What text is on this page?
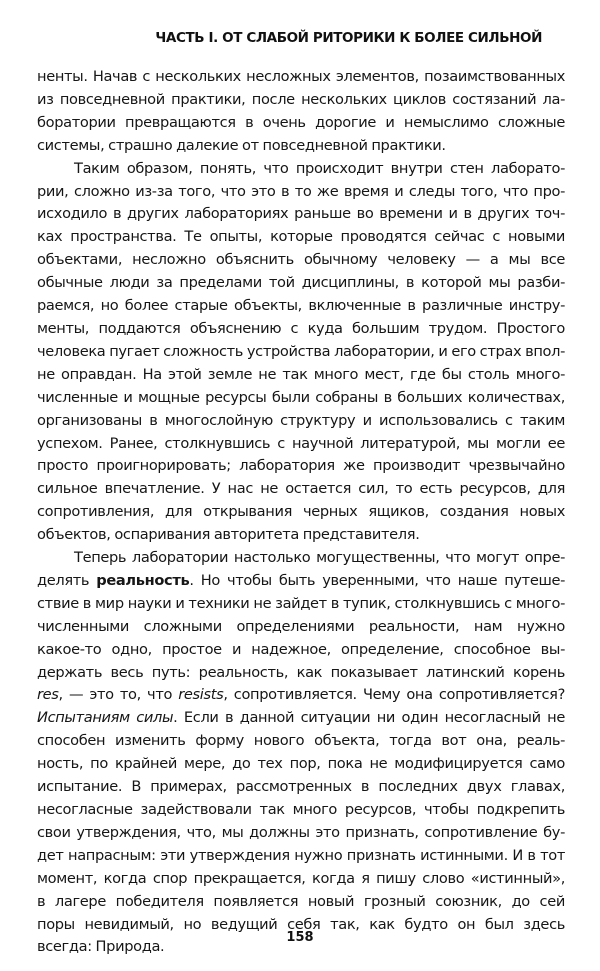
ЧАСТЬ I. ОТ СЛАБОЙ РИТОРИКИ К БОЛЕЕ СИЛЬНОЙ
ненты. Начав с нескольких несложных элементов, позаимствованных
из повседневной практики, после нескольких циклов состязаний ла-
боратории превращаются в очень дорогие и немыслимо сложные
системы, страшно далекие от повседневной практики.
Таким образом, понять, что происходит внутри стен лаборато-
рии, сложно из-за того, что это в то же время и следы того, что про-
исходило в других лабораториях раньше во времени и в других точ-
ках пространства. Те опыты, которые проводятся сейчас с новыми
объектами, несложно объяснить обычному человеку — а мы все
обычные люди за пределами той дисциплины, в которой мы разби-
раемся, но более старые объекты, включенные в различные инстру-
менты, поддаются объяснению с куда большим трудом. Простого
человека пугает сложность устройства лаборатории, и его страх впол-
не оправдан. На этой земле не так много мест, где бы столь много-
численные и мощные ресурсы были собраны в больших количествах,
организованы в многослойную структуру и использовались с таким
успехом. Ранее, столкнувшись с научной литературой, мы могли ее
просто проигнорировать; лаборатория же производит чрезвычайно
сильное впечатление. У нас не остается сил, то есть ресурсов, для
сопротивления, для открывания черных ящиков, создания новых
объектов, оспаривания авторитета представителя.
Теперь лаборатории настолько могущественны, что могут опре-
делять реальность. Но чтобы быть уверенными, что наше путеше-
ствие в мир науки и техники не зайдет в тупик, столкнувшись с много-
численными сложными определениями реальности, нам нужно
какое-то одно, простое и надежное, определение, способное вы-
держать весь путь: реальность, как показывает латинский корень
res, — это то, что resists, сопротивляется. Чему она сопротивляется?
Испытаниям силы. Если в данной ситуации ни один несогласный не
способен изменить форму нового объекта, тогда вот она, реаль-
ность, по крайней мере, до тех пор, пока не модифицируется само
испытание. В примерах, рассмотренных в последних двух главах,
несогласные задействовали так много ресурсов, чтобы подкрепить
свои утверждения, что, мы должны это признать, сопротивление бу-
дет напрасным: эти утверждения нужно признать истинными. И в тот
момент, когда спор прекращается, когда я пишу слово «истинный»,
в лагере победителя появляется новый грозный союзник, до сей
поры невидимый, но ведущий себя так, как будто он был здесь
всегда: Природа.
158
